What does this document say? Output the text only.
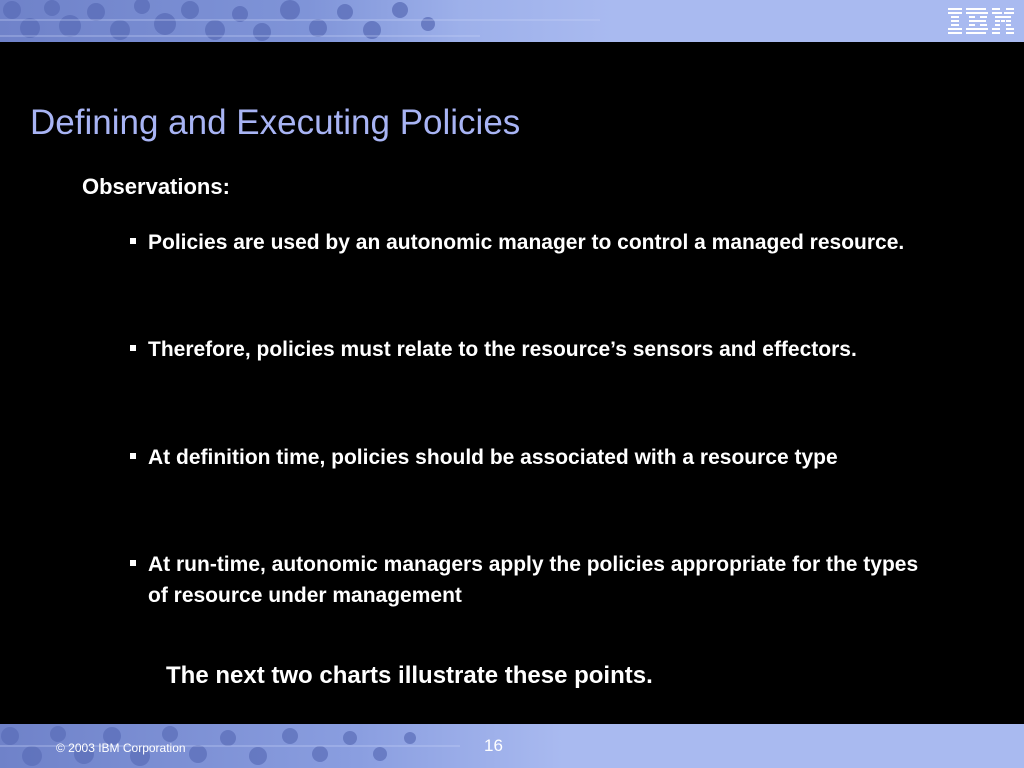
Defining and Executing Policies
Observations:
Policies are used by an autonomic manager to control a managed resource.
Therefore, policies must relate to the resource’s sensors and effectors.
At definition time, policies should be associated with a resource type
At run-time, autonomic managers apply the policies appropriate for the types of resource under management
The next two charts illustrate these points.
© 2003 IBM Corporation	16
